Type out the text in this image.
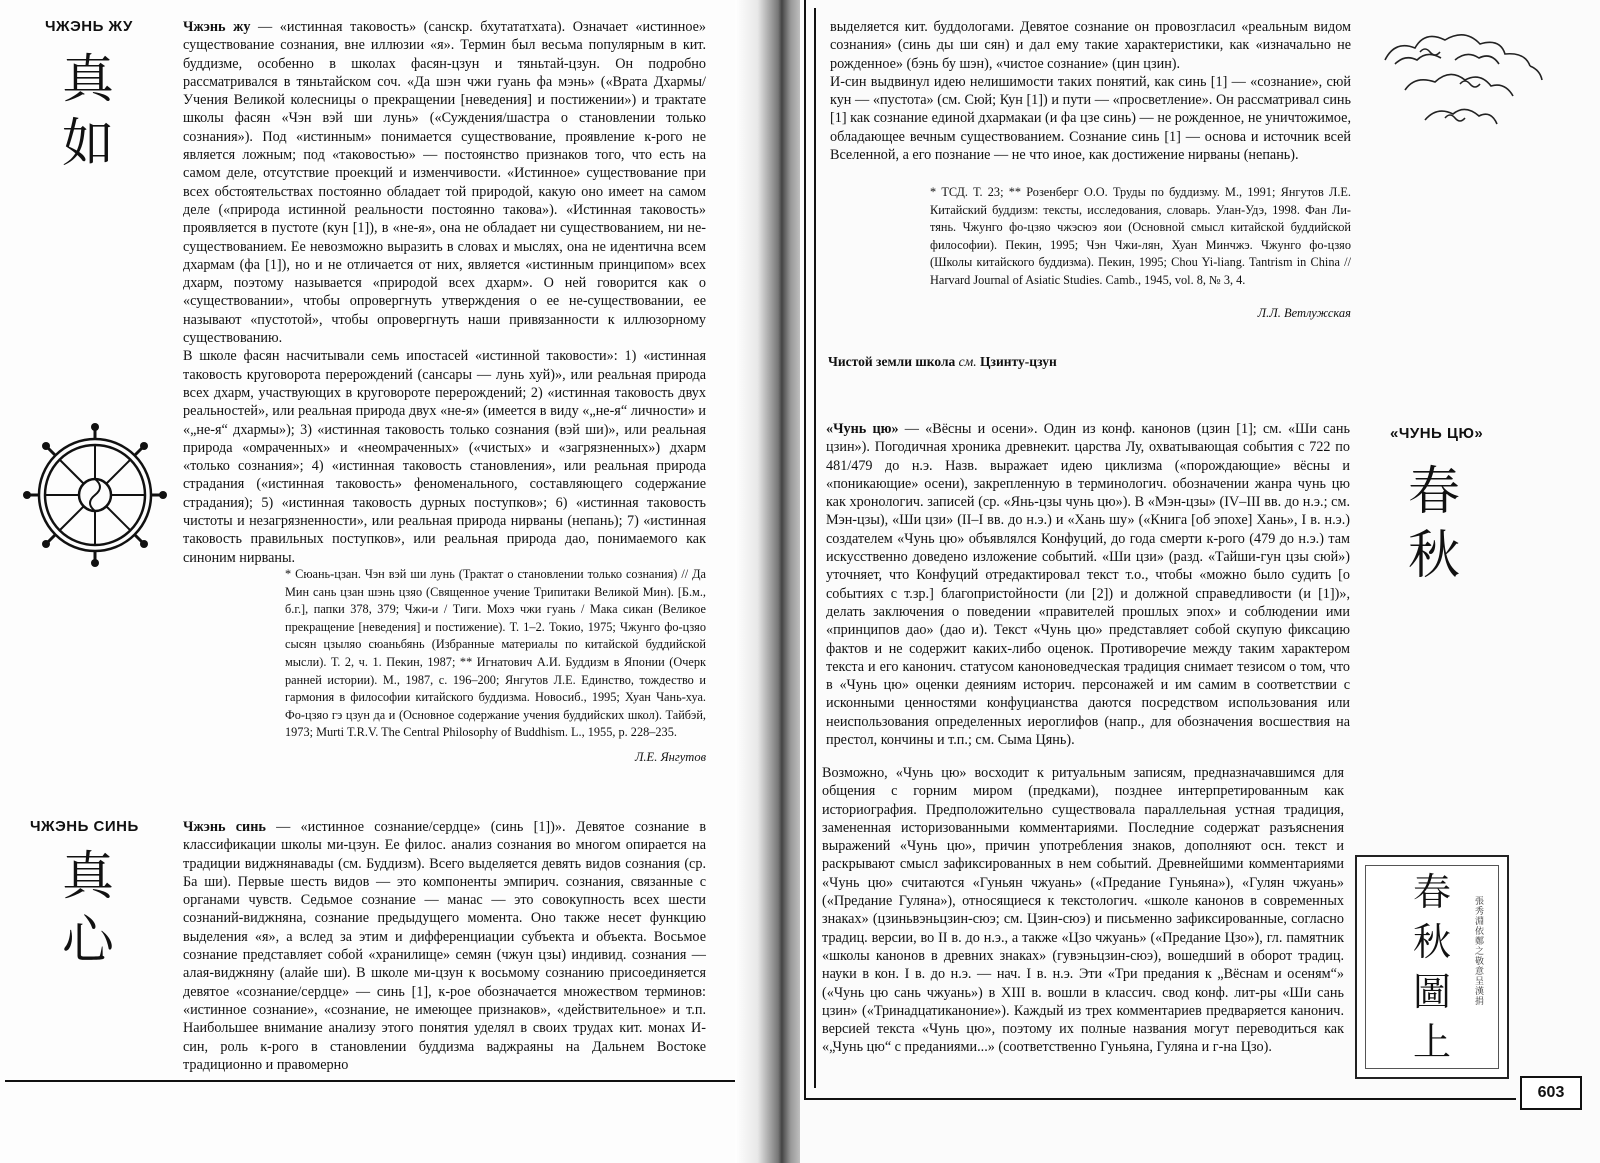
ЧЖЭНЬ ЖУ
真
如

Чжэнь жу — «истинная таковость» (санскр. бхутататхата). Означает «истинное» существование сознания, вне иллюзии «я». Термин был весьма популярным в кит. буддизме, особенно в школах фасян-цзун и тяньтай-цзун. Он подробно рассматривался в тяньтайском соч. «Да шэн чжи гуань фа мэнь» («Врата Дхармы/Учения Великой колесницы о прекращении [неведения] и постижении») и трактате школы фасян «Чэн вэй ши лунь» («Суждения/шастра о становлении только сознания»). Под «истинным» понимается существование, проявление к-рого не является ложным; под «таковостью» — постоянство признаков того, что есть на самом деле, отсутствие проекций и изменчивости. «Истинное» существование при всех обстоятельствах постоянно обладает той природой, какую оно имеет на самом деле («природа истинной реальности постоянно такова»). «Истинная таковость» проявляется в пустоте (кун [1]), в «не-я», она не обладает ни существованием, ни не-существованием. Ее невозможно выразить в словах и мыслях, она не идентична всем дхармам (фа [1]), но и не отличается от них, является «истинным принципом» всех дхарм, поэтому называется «природой всех дхарм». О ней говорится как о «существовании», чтобы опровергнуть утверждения о ее не-существовании, ее называют «пустотой», чтобы опровергнуть наши привязанности к иллюзорному существованию.

В школе фасян насчитывали семь ипостасей «истинной таковости»: 1) «истинная таковость круговорота перерождений (сансары — лунь хуй)», или реальная природа всех дхарм, участвующих в круговороте перерождений; 2) «истинная таковость двух реальностей», или реальная природа двух «не-я» (имеется в виду «„не-я“ личности» и «„не-я“ дхармы»); 3) «истинная таковость только сознания (вэй ши)», или реальная природа «омраченных» и «неомраченных» («чистых» и «загрязненных») дхарм «только сознания»; 4) «истинная таковость становления», или реальная природа страдания («истинная таковость» феноменального, составляющего содержание страдания); 5) «истинная таковость дурных поступков»; 6) «истинная таковость чистоты и незагрязненности», или реальная природа нирваны (непань); 7) «истинная таковость правильных поступков», или реальная природа дао, понимаемого как синоним нирваны.

* Сюань-цзан. Чэн вэй ши лунь (Трактат о становлении только сознания) // Да Мин сань цзан шэнь цзяо (Священное учение Трипитаки Великой Мин). [Б.м., б.г.], папки 378, 379; Чжи-и / Тиги. Мохэ чжи гуань / Мака сикан (Великое прекращение [неведения] и постижение). Т. 1–2. Токио, 1975; Чжунго фо-цзяо сысян цзыляо сюаньбянь (Избранные материалы по китайской буддийской мысли). Т. 2, ч. 1. Пекин, 1987; ** Игнатович А.И. Буддизм в Японии (Очерк ранней истории). М., 1987, с. 196–200; Янгутов Л.Е. Единство, тождество и гармония в философии китайского буддизма. Новосиб., 1995; Хуан Чань-хуа. Фо-цзяо гэ цзун да и (Основное содержание учения буддийских школ). Тайбэй, 1973; Murti T.R.V. The Central Philosophy of Buddhism. L., 1955, p. 228–235.
Л.Е. Янгутов
ЧЖЭНЬ СИНЬ
真
心

Чжэнь синь — «истинное сознание/сердце» (синь [1])». Девятое сознание в классификации школы ми-цзун. Ее филос. анализ сознания во многом опирается на традиции виджнянавады (см. Буддизм). Всего выделяется девять видов сознания (ср. Ба ши). Первые шесть видов — это компоненты эмпирич. сознания, связанные с органами чувств. Седьмое сознание — манас — это совокупность всех шести сознаний-виджняна, сознание предыдущего момента. Оно также несет функцию выделения «я», а вслед за этим и дифференциации субъекта и объекта. Восьмое сознание представляет собой «хранилище» семян (чжун цзы) индивид. сознания — алая-виджняну (алайе ши). В школе ми-цзун к восьмому сознанию присоединяется девятое «сознание/сердце» — синь [1], к-рое обозначается множеством терминов: «истинное сознание», «сознание, не имеющее признаков», «действительное» и т.п. Наибольшее внимание анализу этого понятия уделял в своих трудах кит. монах И-син, роль к-рого в становлении буддизма ваджраяны на Дальнем Востоке традиционно и правомерно

выделяется кит. буддологами. Девятое сознание он провозгласил «реальным видом сознания» (синь ды ши сян) и дал ему такие характеристики, как «изначально не рожденное» (бэнь бу шэн), «чистое сознание» (цин цзин).

И-син выдвинул идею нелишимости таких понятий, как синь [1] — «сознание», сюй кун — «пустота» (см. Сюй; Кун [1]) и пути — «просветление». Он рассматривал синь [1] как сознание единой дхармакаи (и фа цзе синь) — не рожденное, не уничтожимое, обладающее вечным существованием. Сознание синь [1] — основа и источник всей Вселенной, а его познание — не что иное, как достижение нирваны (непань).

* ТСД. Т. 23; ** Розенберг О.О. Труды по буддизму. М., 1991; Янгутов Л.Е. Китайский буддизм: тексты, исследования, словарь. Улан-Удэ, 1998. Фан Ли-тянь. Чжунго фо-цзяо чжэсюэ яои (Основной смысл китайской буддийской философии). Пекин, 1995; Чэн Чжи-лян, Хуан Минчжэ. Чжунго фо-цзяо (Школы китайского буддизма). Пекин, 1995; Chou Yi-liang. Tantrism in China // Harvard Journal of Asiatic Studies. Camb., 1945, vol. 8, № 3, 4.
Л.Л. Ветлужская
Чистой земли школа см. Цзинту-цзун
«ЧУНЬ ЦЮ»
春
秋

«Чунь цю» — «Вёсны и осени». Один из конф. канонов (цзин [1]; см. «Ши сань цзин»). Погодичная хроника древнекит. царства Лу, охватывающая события с 722 по 481/479 до н.э. Назв. выражает идею циклизма («порождающие» вёсны и «поникающие» осени), закрепленную в терминологич. обозначении жанра чунь цю как хронологич. записей (ср. «Янь-цзы чунь цю»). В «Мэн-цзы» (IV–III вв. до н.э.; см. Мэн-цзы), «Ши цзи» (II–I вв. до н.э.) и «Хань шу» («Книга [об эпохе] Хань», I в. н.э.) создателем «Чунь цю» объявлялся Конфуций, до года смерти к-рого (479 до н.э.) там искусственно доведено изложение событий. «Ши цзи» (разд. «Тайши-гун цзы сюй») уточняет, что Конфуций отредактировал текст т.о., чтобы «можно было судить [о событиях с т.зр.] благопристойности (ли [2]) и должной справедливости (и [1])», делать заключения о поведении «правителей прошлых эпох» и соблюдении ими «принципов дао» (дао и). Текст «Чунь цю» представляет собой скупую фиксацию фактов и не содержит каких-либо оценок. Противоречие между таким характером текста и его канонич. статусом каноноведческая традиция снимает тезисом о том, что в «Чунь цю» оценки деяниям историч. персонажей и им самим в соответствии с исконными ценностями конфуцианства даются посредством использования или неиспользования определенных иероглифов (напр., для обозначения восшествия на престол, кончины и т.п.; см. Сыма Цянь).

Возможно, «Чунь цю» восходит к ритуальным записям, предназначавшимся для общения с горним миром (предками), позднее интерпретированным как историография. Предположительно существовала параллельная устная традиция, замененная историзованными комментариями. Последние содержат разъяснения выражений «Чунь цю», причин употребления знаков, дополняют осн. текст и раскрывают смысл зафиксированных в нем событий. Древнейшими комментариями «Чунь цю» считаются «Гуньян чжуань» («Предание Гуньяна»), «Гулян чжуань» («Предание Гуляна»), относящиеся к текстологич. «школе канонов в современных знаках» (цзиньвэньцзин-сюэ; см. Цзин-сюэ) и письменно зафиксированные, согласно традиц. версии, во II в. до н.э., а также «Цзо чжуань» («Предание Цзо»), гл. памятник «школы канонов в древних знаках» (гувэньцзин-сюэ), вошедший в оборот традиц. науки в кон. I в. до н.э. — нач. I в. н.э. Эти «Три предания к „Вёснам и осеням“» («Чунь цю сань чжуань») в XIII в. вошли в классич. свод конф. лит-ры «Ши сань цзин» («Тринадцатиканоние»). Каждый из трех комментариев предваряется канонич. версией текста «Чунь цю», поэтому их полные названия могут переводиться как «„Чунь цю“ с преданиями...» (соответственно Гуньяна, Гуляна и г-на Цзо).

春秋圖上
張秀淵依鄭之敬意呈漢捐
603
